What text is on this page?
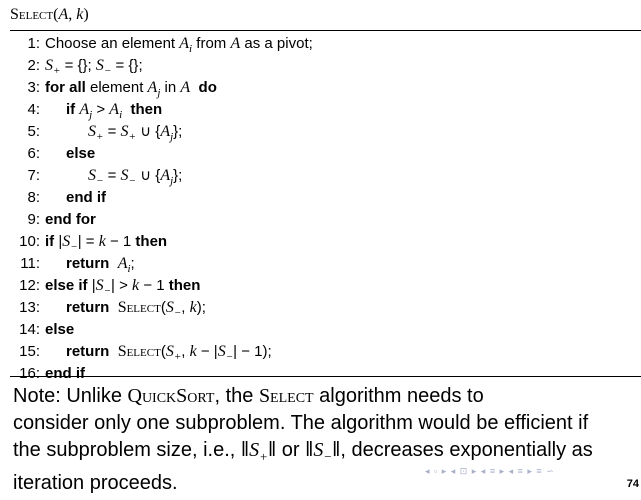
Select(A, k)
1: Choose an element $A_i$ from A as a pivot;
2: $S_+$ = {}; $S_-$ = {};
3: for all element $A_j$ in A do
4: if $A_j > A_i$ then
5:	$S_+ = S_+$ ∪ $\{A_j\}$;
6: else
7:	$S_- = S_-$ ∪ $\{A_j\}$;
8: end if
9: end for
10: if $|S_-| = k - 1$ then
11: return $A_i$;
12: else if $|S_-| > k - 1$ then
13: return $Select(S_-$, k);
14: else
15: return $Select(S_+$, $k - |S_-| - 1$);
16: end if
Note: Unlike QuickSort, the Select algorithm needs to
consider only one subproblem. The algorithm would be efficient if
the subproblem size, i.e., $‖S_+‖$ or $‖S_-‖$, decreases exponentially as
iteration proceeds.
◂ ▫ ▸ ◂ ⊡ ▸ ◂ ≡ ▸ ◂ ≡ ▸ ≡ ∽
74
